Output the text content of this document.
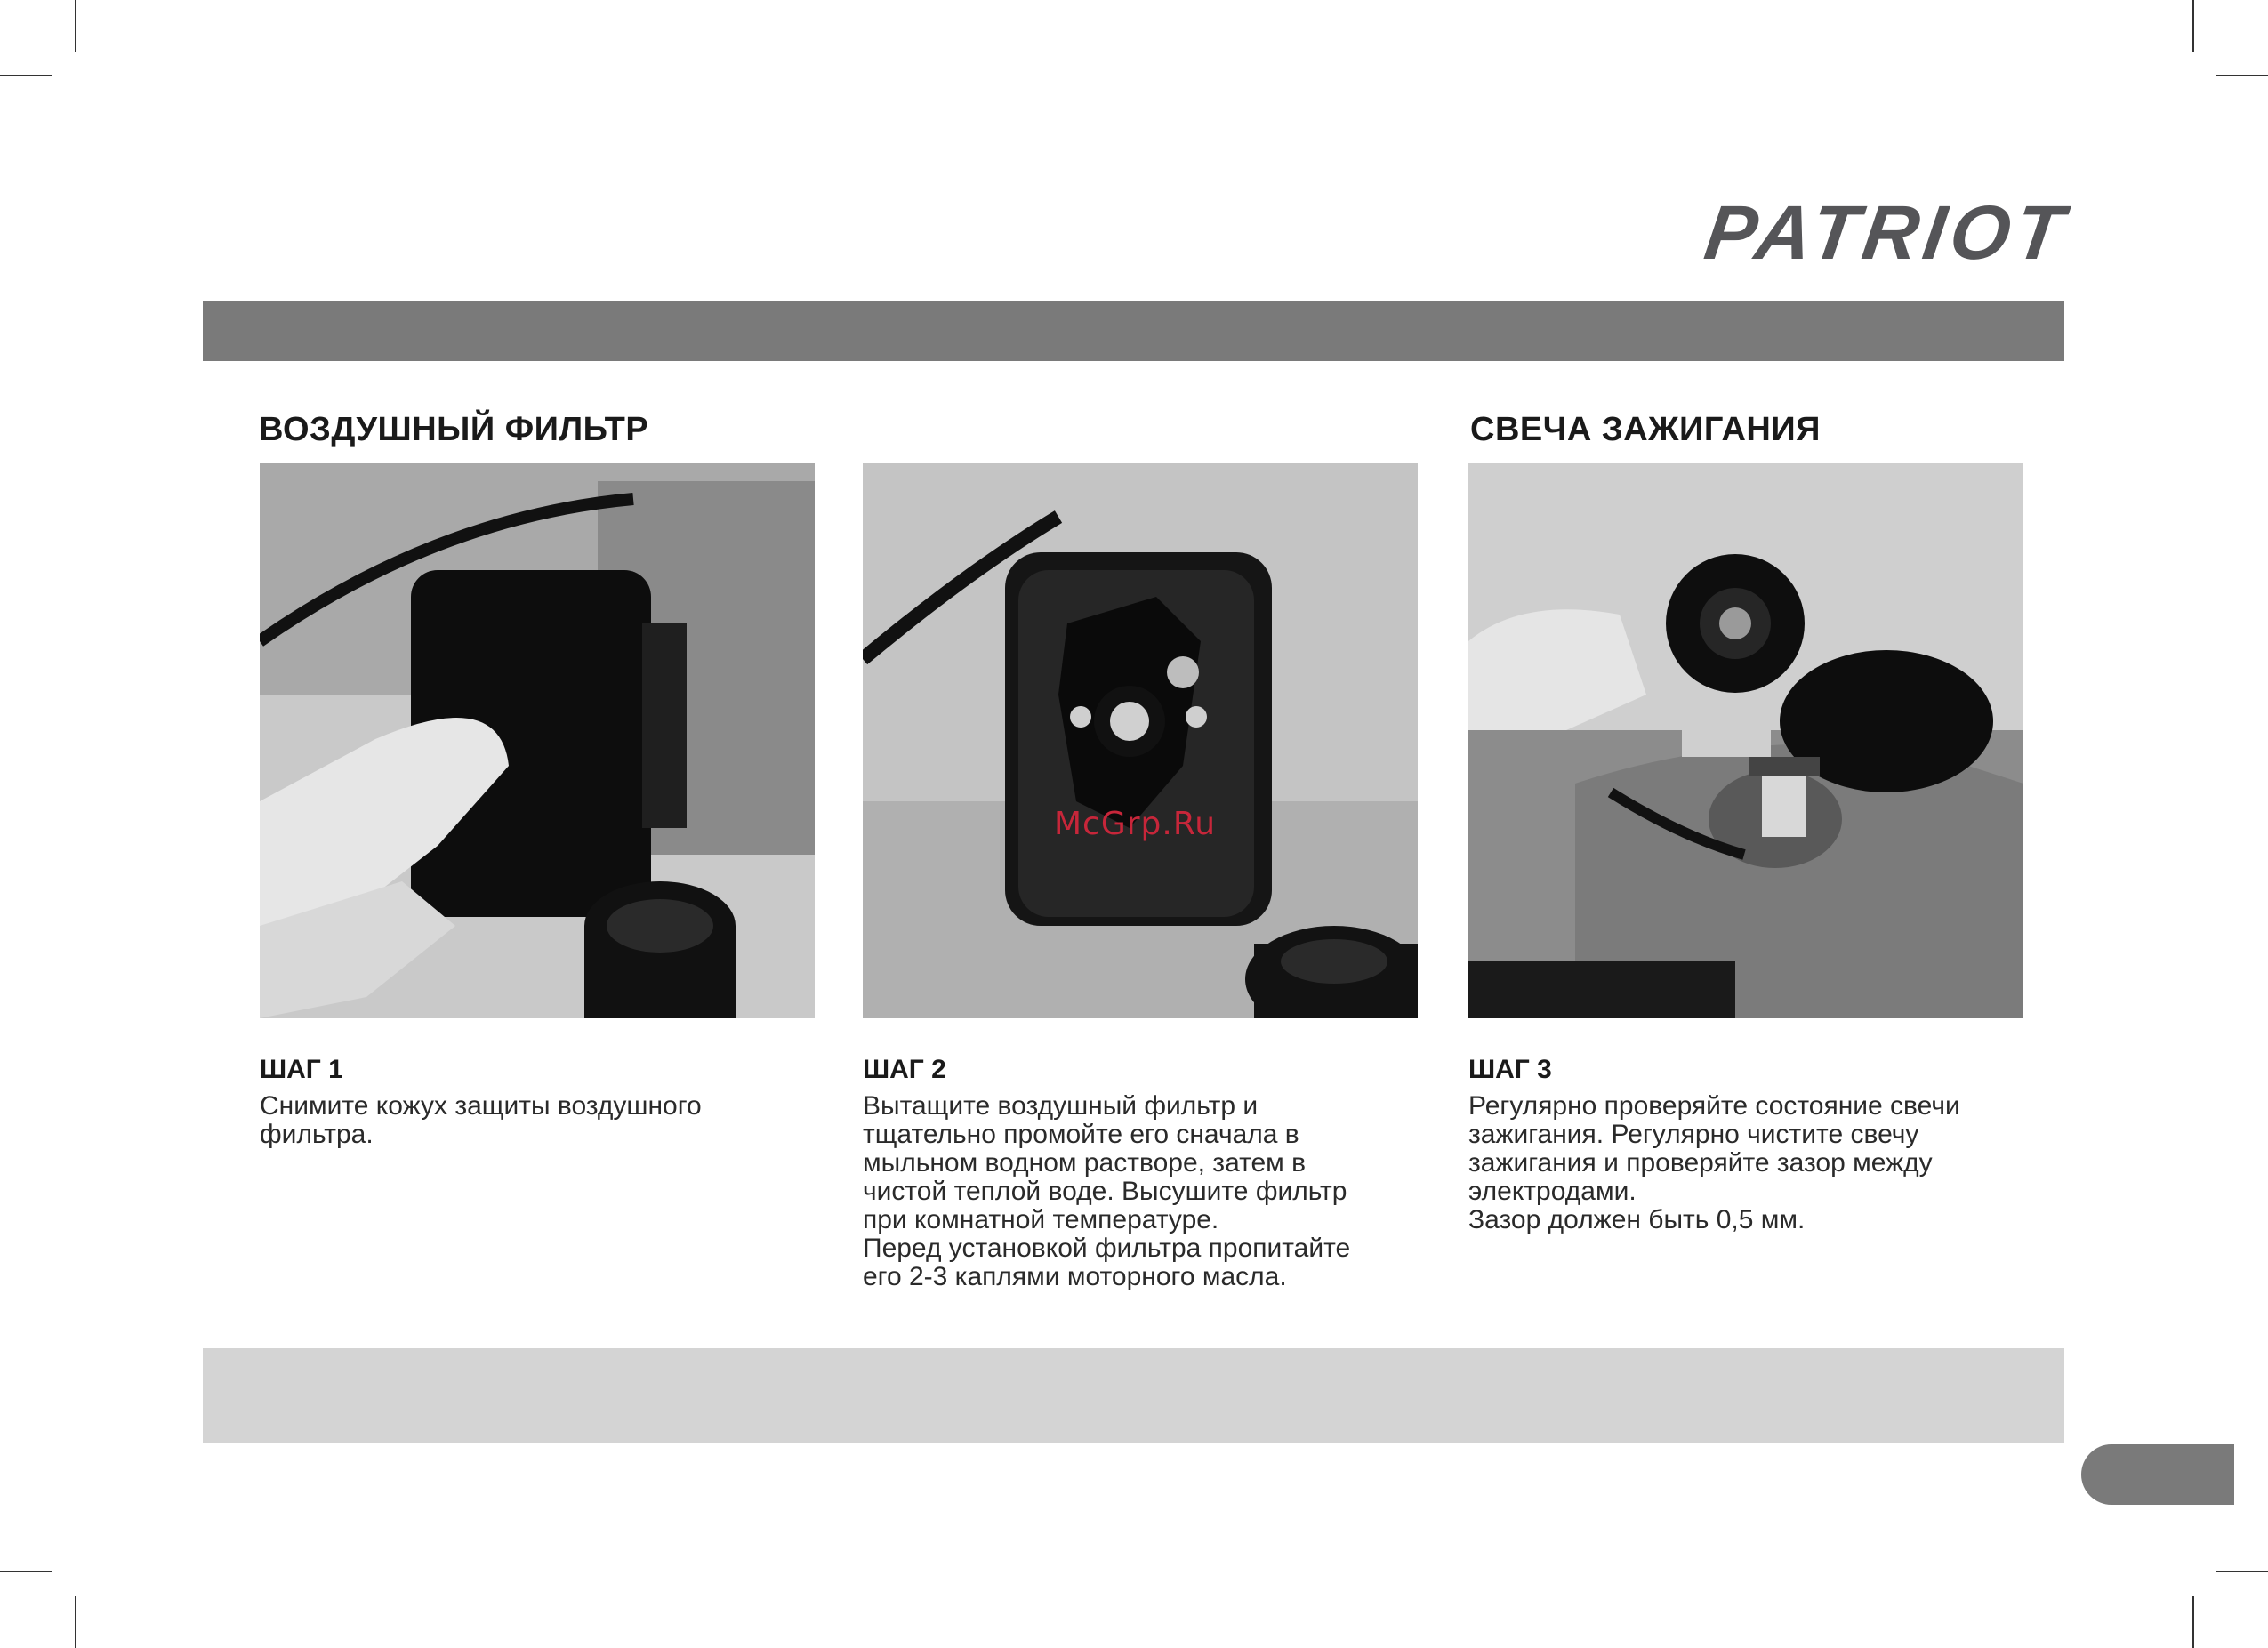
PATRIOT
ВОЗДУШНЫЙ ФИЛЬТР	СВЕЧА ЗАЖИГАНИЯ
McGrp.Ru
ШАГ 1
Снимите кожух защиты воздушного
фильтра.
ШАГ 2
Вытащите воздушный фильтр и
тщательно промойте его сначала в
мыльном водном растворе, затем в
чистой теплой воде. Высушите фильтр
при комнатной температуре.
Перед установкой фильтра пропитайте
его 2-3 каплями моторного масла.
ШАГ 3
Регулярно проверяйте состояние свечи
зажигания. Регулярно чистите свечу
зажигания и проверяйте зазор между
электродами.
Зазор должен быть 0,5 мм.
